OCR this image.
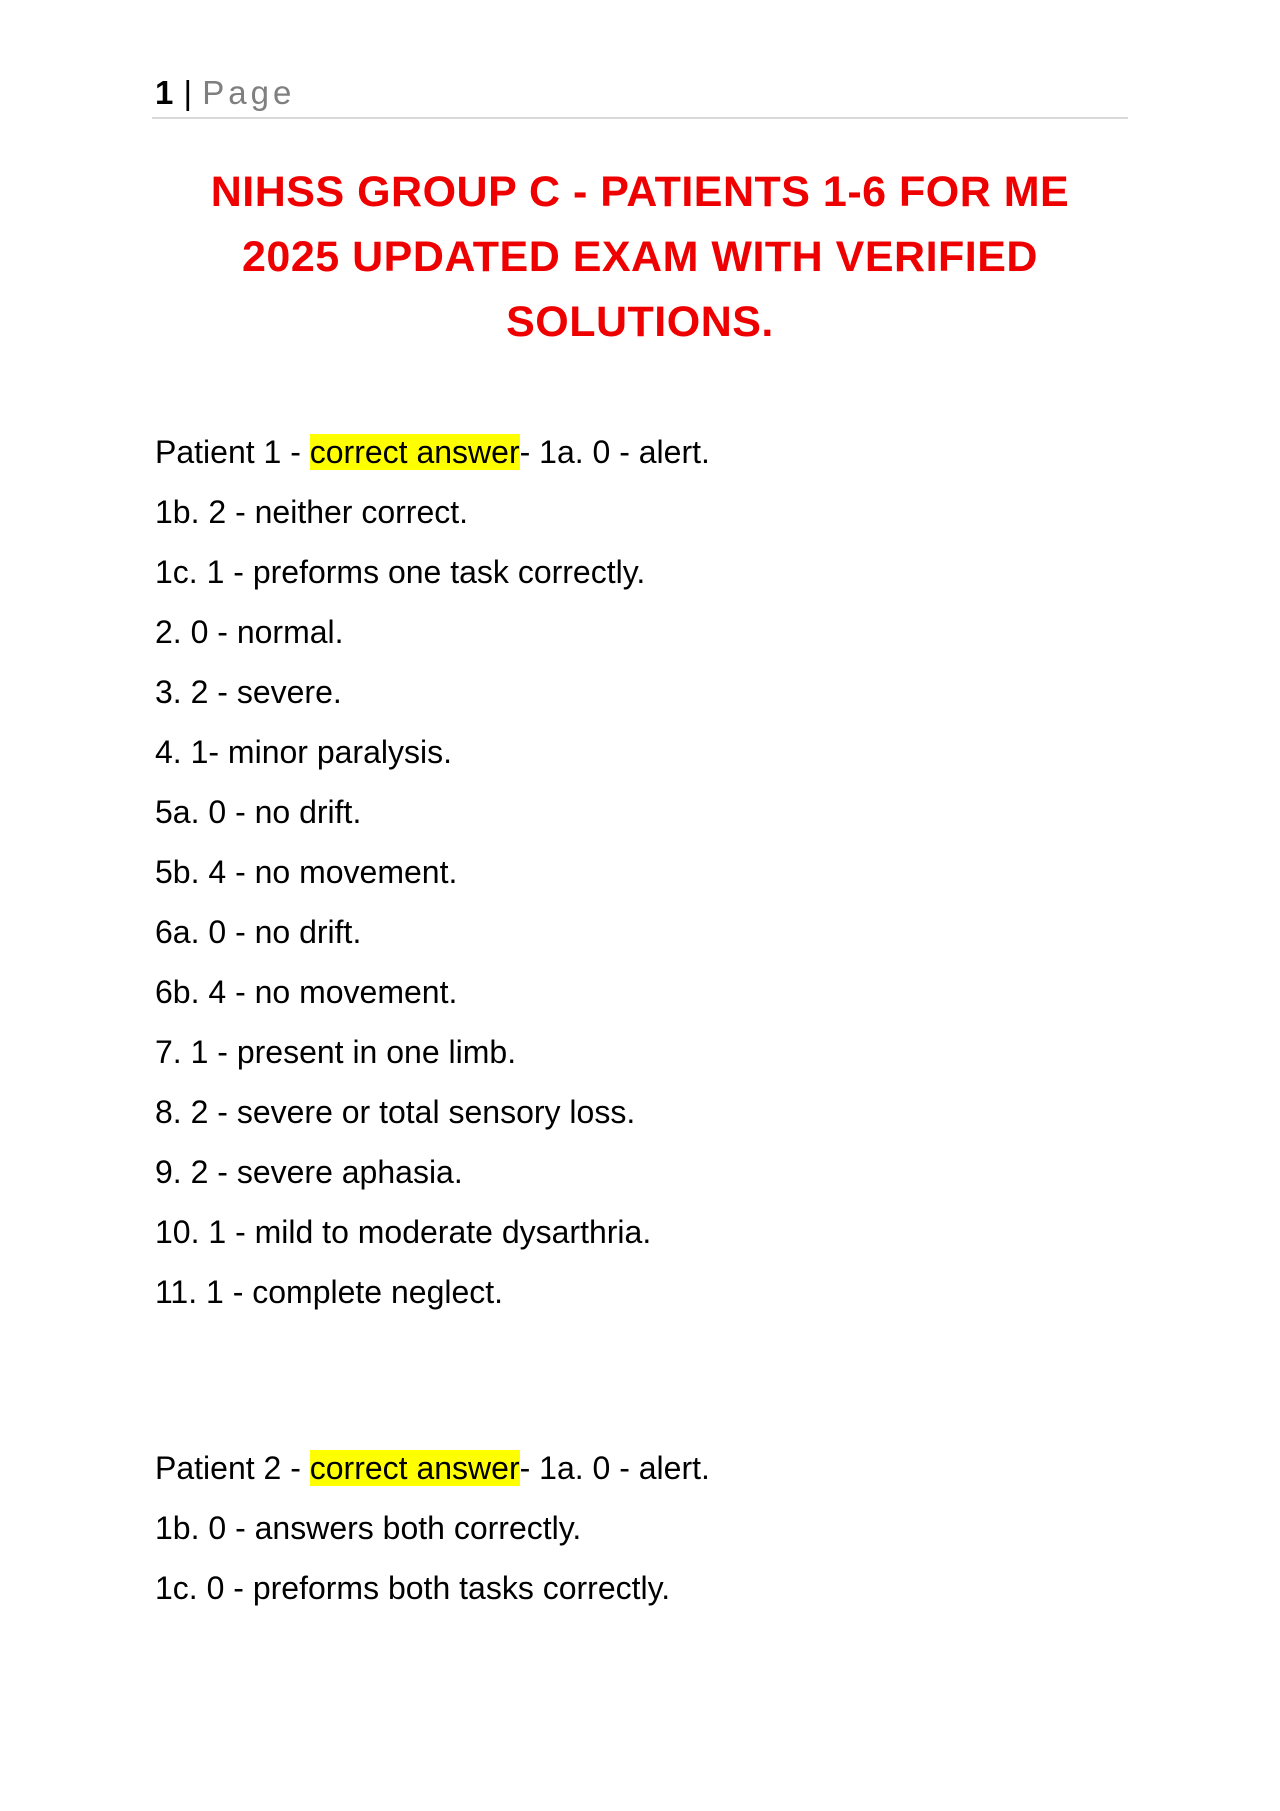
1 | Page
NIHSS GROUP C - PATIENTS 1-6 FOR ME
2025 UPDATED EXAM WITH VERIFIED
SOLUTIONS.
Patient 1 - correct answer- 1a. 0 - alert.
1b. 2 - neither correct.
1c. 1 - preforms one task correctly.
2. 0 - normal.
3. 2 - severe.
4. 1- minor paralysis.
5a. 0 - no drift.
5b. 4 - no movement.
6a. 0 - no drift.
6b. 4 - no movement.
7. 1 - present in one limb.
8. 2 - severe or total sensory loss.
9. 2 - severe aphasia.
10. 1 - mild to moderate dysarthria.
11. 1 - complete neglect.
Patient 2 - correct answer- 1a. 0 - alert.
1b. 0 - answers both correctly.
1c. 0 - preforms both tasks correctly.
